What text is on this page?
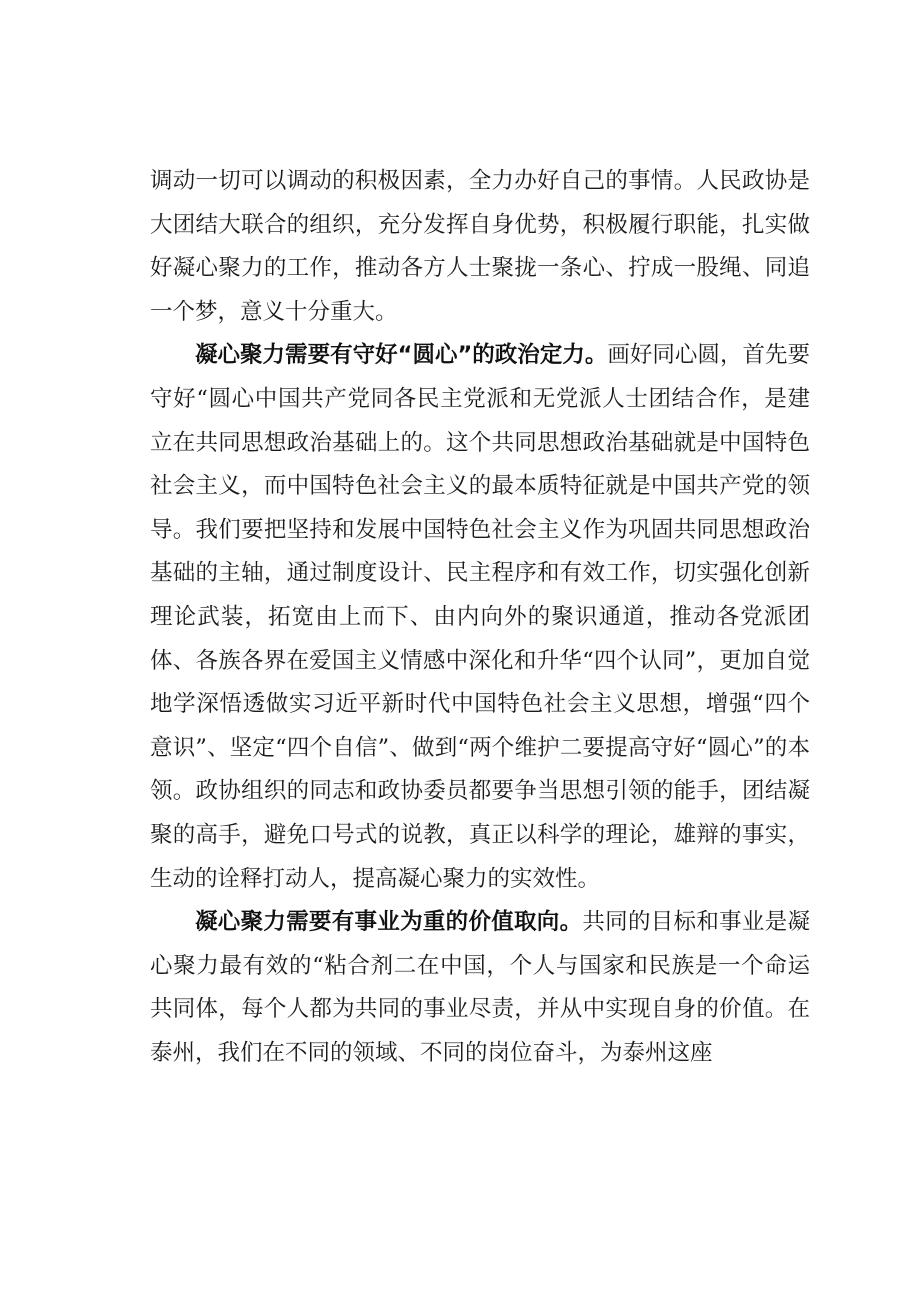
调动一切可以调动的积极因素，全力办好自己的事情。人民政协是大团结大联合的组织，充分发挥自身优势，积极履行职能，扎实做好凝心聚力的工作，推动各方人士聚拢一条心、拧成一股绳、同追一个梦，意义十分重大。

凝心聚力需要有守好“圆心”的政治定力。画好同心圆，首先要守好“圆心中国共产党同各民主党派和无党派人士团结合作，是建立在共同思想政治基础上的。这个共同思想政治基础就是中国特色社会主义，而中国特色社会主义的最本质特征就是中国共产党的领导。我们要把坚持和发展中国特色社会主义作为巩固共同思想政治基础的主轴，通过制度设计、民主程序和有效工作，切实强化创新理论武装，拓宽由上而下、由内向外的聚识通道，推动各党派团体、各族各界在爱国主义情感中深化和升华“四个认同”，更加自觉地学深悟透做实习近平新时代中国特色社会主义思想，增强“四个意识”、坚定“四个自信”、做到“两个维护二要提高守好“圆心”的本领。政协组织的同志和政协委员都要争当思想引领的能手，团结凝聚的高手，避免口号式的说教，真正以科学的理论，雄辩的事实，生动的诠释打动人，提高凝心聚力的实效性。

凝心聚力需要有事业为重的价值取向。共同的目标和事业是凝心聚力最有效的“粘合剂二在中国，个人与国家和民族是一个命运共同体，每个人都为共同的事业尽责，并从中实现自身的价值。在泰州，我们在不同的领域、不同的岗位奋斗，为泰州这座
